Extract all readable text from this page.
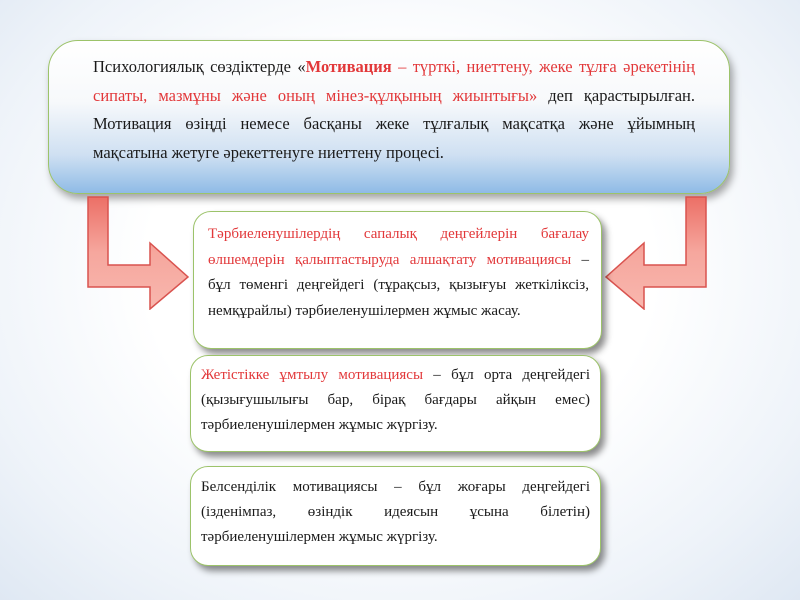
Психологиялық сөздіктерде «Мотивация – түрткі, ниеттену, жеке тұлға әрекетінің сипаты, мазмұны және оның мінез-құлқының жиынтығы» деп қарастырылған. Мотивация өзіңді немесе басқаны жеке тұлғалық мақсатқа және ұйымның мақсатына жетуге әрекеттенуге ниеттену процесі.

Тәрбиеленушілердің сапалық деңгейлерін бағалау өлшемдерін қалыптастыруда алшақтату мотивациясы – бұл төменгі деңгейдегі (тұрақсыз, қызығуы жеткіліксіз, немқұрайлы) тәрбиеленушілермен жұмыс жасау.

Жетістікке ұмтылу мотивациясы – бұл орта деңгейдегі (қызығушылығы бар, бірақ бағдары айқын емес) тәрбиеленушілермен жұмыс жүргізу.

Белсенділік мотивациясы – бұл жоғары деңгейдегі (ізденімпаз, өзіндік идеясын ұсына білетін) тәрбиеленушілермен жұмыс жүргізу.
